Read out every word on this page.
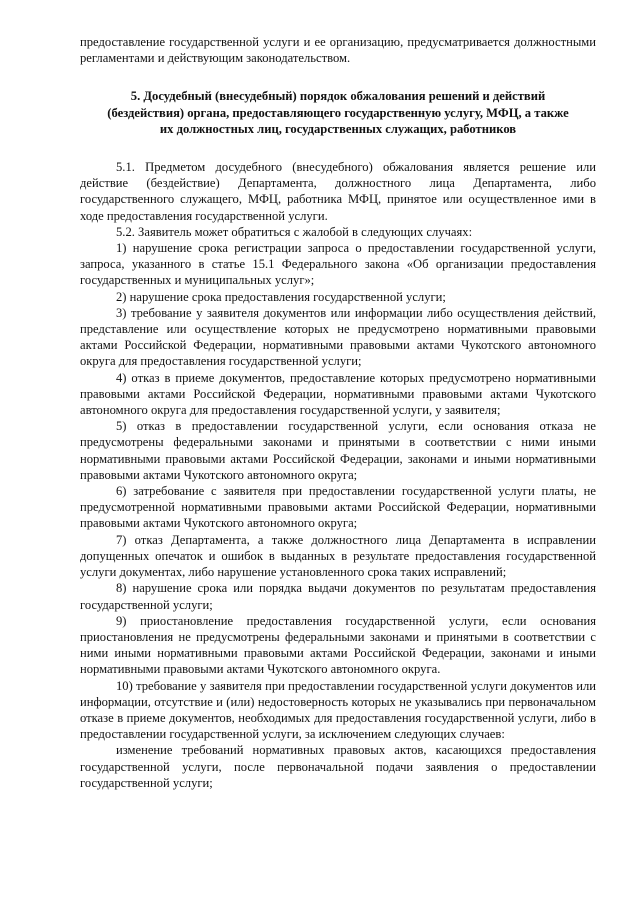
предоставление государственной услуги и ее организацию, предусматривается должностными регламентами и действующим законодательством.

5. Досудебный (внесудебный) порядок обжалования решений и действий
(бездействия) органа, предоставляющего государственную услугу, МФЦ, а также
их должностных лиц, государственных служащих, работников

5.1. Предметом досудебного (внесудебного) обжалования является решение или действие (бездействие) Департамента, должностного лица Департамента, либо государственного служащего, МФЦ, работника МФЦ, принятое или осуществленное ими в ходе предоставления государственной услуги.

5.2. Заявитель может обратиться с жалобой в следующих случаях:

1) нарушение срока регистрации запроса о предоставлении государственной услуги, запроса, указанного в статье 15.1 Федерального закона «Об организации предоставления государственных и муниципальных услуг»;

2) нарушение срока предоставления государственной услуги;

3) требование у заявителя документов или информации либо осуществления действий, представление или осуществление которых не предусмотрено нормативными правовыми актами Российской Федерации, нормативными правовыми актами Чукотского автономного округа для предоставления государственной услуги;

4) отказ в приеме документов, предоставление которых предусмотрено нормативными правовыми актами Российской Федерации, нормативными правовыми актами Чукотского автономного округа для предоставления государственной услуги, у заявителя;

5) отказ в предоставлении государственной услуги, если основания отказа не предусмотрены федеральными законами и принятыми в соответствии с ними иными нормативными правовыми актами Российской Федерации, законами и иными нормативными правовыми актами Чукотского автономного округа;

6) затребование с заявителя при предоставлении государственной услуги платы, не предусмотренной нормативными правовыми актами Российской Федерации, нормативными правовыми актами Чукотского автономного округа;

7) отказ Департамента, а также должностного лица Департамента в исправлении допущенных опечаток и ошибок в выданных в результате предоставления государственной услуги документах, либо нарушение установленного срока таких исправлений;

8) нарушение срока или порядка выдачи документов по результатам предоставления государственной услуги;

9) приостановление предоставления государственной услуги, если основания приостановления не предусмотрены федеральными законами и принятыми в соответствии с ними иными нормативными правовыми актами Российской Федерации, законами и иными нормативными правовыми актами Чукотского автономного округа.

10) требование у заявителя при предоставлении государственной услуги документов или информации, отсутствие и (или) недостоверность которых не указывались при первоначальном отказе в приеме документов, необходимых для предоставления государственной услуги, либо в предоставлении государственной услуги, за исключением следующих случаев:

изменение требований нормативных правовых актов, касающихся предоставления государственной услуги, после первоначальной подачи заявления о предоставлении государственной услуги;
